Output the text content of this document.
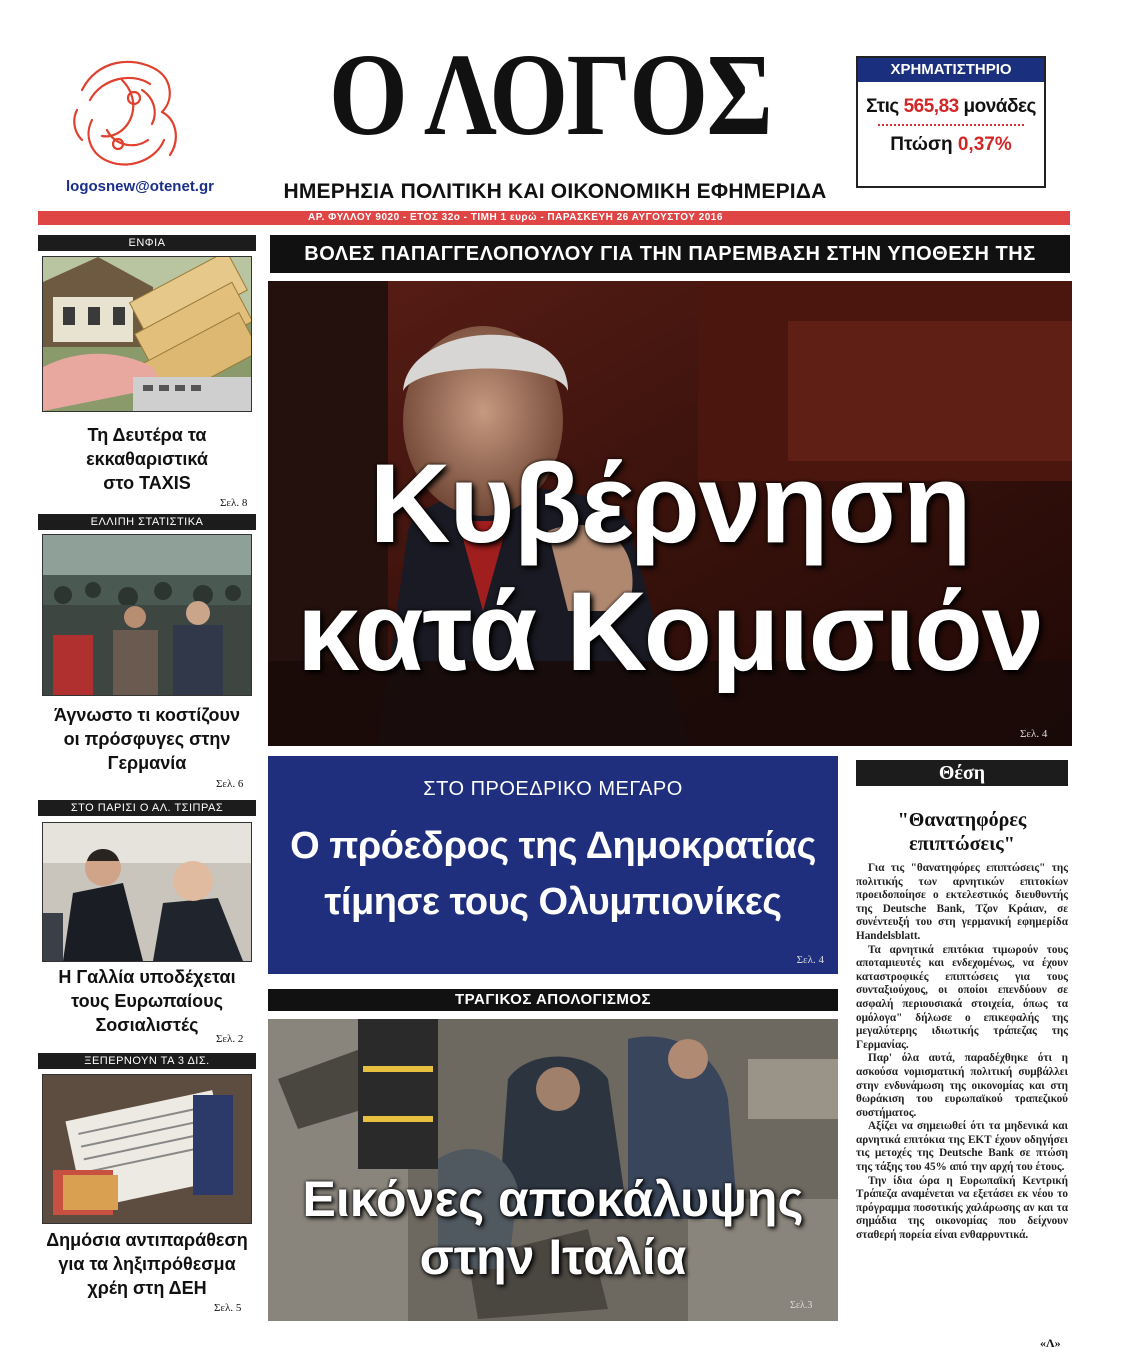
logosnew@otenet.gr
Ο ΛΟΓΟΣ
ΗΜΕΡΗΣΙΑ ΠΟΛΙΤΙΚΗ ΚΑΙ ΟΙΚΟΝΟΜΙΚΗ ΕΦΗΜΕΡΙΔΑ
ΧΡΗΜΑΤΙΣΤΗΡΙΟ
Στις 565,83 μονάδες
Πτώση 0,37%
ΑΡ. ΦΥΛΛΟΥ 9020 - ΕΤΟΣ 32ο - ΤΙΜΗ 1 ευρώ - ΠΑΡΑΣΚΕΥΗ 26 ΑΥΓΟΥΣΤΟΥ 2016
ΕΝΦΙΑ
Τη Δευτέρα τα εκκαθαριστικά στο TAXIS
Σελ. 8
ΕΛΛΙΠΗ ΣΤΑΤΙΣΤΙΚΑ
Άγνωστο τι κοστίζουν οι πρόσφυγες στην Γερμανία
Σελ. 6
ΣΤΟ ΠΑΡΙΣΙ Ο ΑΛ. ΤΣΙΠΡΑΣ
Η Γαλλία υποδέχεται τους Ευρωπαίους Σοσιαλιστές
Σελ. 2
ΞΕΠΕΡΝΟΥΝ ΤΑ 3 ΔΙΣ.
Δημόσια αντιπαράθεση για τα ληξιπρόθεσμα χρέη στη ΔΕΗ
Σελ. 5
ΒΟΛΕΣ ΠΑΠΑΓΓΕΛΟΠΟΥΛΟΥ ΓΙΑ ΤΗΝ ΠΑΡΕΜΒΑΣΗ ΣΤΗΝ ΥΠΟΘΕΣΗ ΤΗΣ
Κυβέρνηση
κατά Κομισιόν
Σελ. 4
ΣΤΟ ΠΡΟΕΔΡΙΚΟ ΜΕΓΑΡΟ
Ο πρόεδρος της Δημοκρατίας
τίμησε τους Ολυμπιονίκες
Σελ. 4
ΤΡΑΓΙΚΟΣ ΑΠΟΛΟΓΙΣΜΟΣ
Εικόνες αποκάλυψης
στην Ιταλία
Σελ.3
Θέση
"Θανατηφόρες
επιπτώσεις"

Για τις "θανατηφόρες επιπτώσεις" της πολιτικής των αρνητικών επιτοκίων προειδοποίησε ο εκτελεστικός διευθυντής της Deutsche Bank, Τζον Κράιαν, σε συνέντευξή του στη γερμανική εφημερίδα Handelsblatt.

Τα αρνητικά επιτόκια τιμωρούν τους αποταμιευτές και ενδεχομένως, να έχουν καταστροφικές επιπτώσεις για τους συνταξιούχους, οι οποίοι επενδύουν σε ασφαλή περιουσιακά στοιχεία, όπως τα ομόλογα" δήλωσε ο επικεφαλής της μεγαλύτερης ιδιωτικής τράπεζας της Γερμανίας.

Παρ' όλα αυτά, παραδέχθηκε ότι η ασκούσα νομισματική πολιτική συμβάλλει στην ενδυνάμωση της οικονομίας και στη θωράκιση του ευρωπαϊκού τραπεζικού συστήματος.

Αξίζει να σημειωθεί ότι τα μηδενικά και αρνητικά επιτόκια της ΕΚΤ έχουν οδηγήσει τις μετοχές της Deutsche Bank σε πτώση της τάξης του 45% από την αρχή του έτους.

Την ίδια ώρα η Ευρωπαϊκή Κεντρική Τράπεζα αναμένεται να εξετάσει εκ νέου το πρόγραμμα ποσοτικής χαλάρωσης αν και τα σημάδια της οικονομίας που δείχνουν σταθερή πορεία είναι ενθαρρυντικά.

«Λ»
